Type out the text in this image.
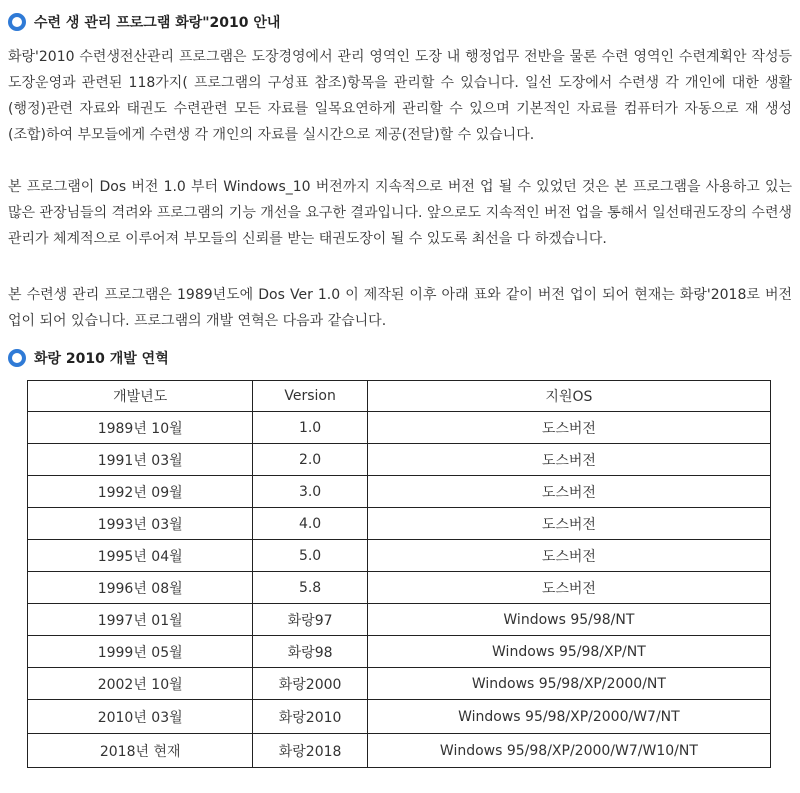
수련 생 관리 프로그램 화랑"2010 안내

화랑'2010 수련생전산관리 프로그램은 도장경영에서 관리 영역인 도장 내 행정업무 전반을 물론 수련 영역인 수련계획안 작성등 도장운영과 관련된 118가지( 프로그램의 구성표 참조)항목을 관리할 수 있습니다. 일선 도장에서 수련생 각 개인에 대한 생활(행정)관련 자료와 태권도 수련관련 모든 자료를 일목요연하게 관리할 수 있으며 기본적인 자료를 컴퓨터가 자동으로 재 생성(조합)하여 부모들에게 수련생 각 개인의 자료를 실시간으로 제공(전달)할 수 있습니다.

본 프로그램이 Dos 버전 1.0 부터 Windows_10 버전까지 지속적으로 버전 업 될 수 있었던 것은 본 프로그램을 사용하고 있는 많은 관장님들의 격려와 프로그램의 기능 개선을 요구한 결과입니다. 앞으로도 지속적인 버전 업을 통해서 일선태권도장의 수련생 관리가 체계적으로 이루어져 부모들의 신뢰를 받는 태권도장이 될 수 있도록 최선을 다 하겠습니다.

본 수련생 관리 프로그램은 1989년도에 Dos Ver 1.0 이 제작된 이후 아래 표와 같이 버전 업이 되어 현재는 화랑'2018로 버전 업이 되어 있습니다. 프로그램의 개발 연혁은 다음과 같습니다.

화랑 2010 개발 연혁
개발년도	Version	지원OS
1989년 10월	1.0	도스버전
1991년 03월	2.0	도스버전
1992년 09월	3.0	도스버전
1993년 03월	4.0	도스버전
1995년 04월	5.0	도스버전
1996년 08월	5.8	도스버전
1997년 01월	화랑97	Windows 95/98/NT
1999년 05월	화랑98	Windows 95/98/XP/NT
2002년 10월	화랑2000	Windows 95/98/XP/2000/NT
2010년 03월	화랑2010	Windows 95/98/XP/2000/W7/NT
2018년 현재	화랑2018	Windows 95/98/XP/2000/W7/W10/NT
